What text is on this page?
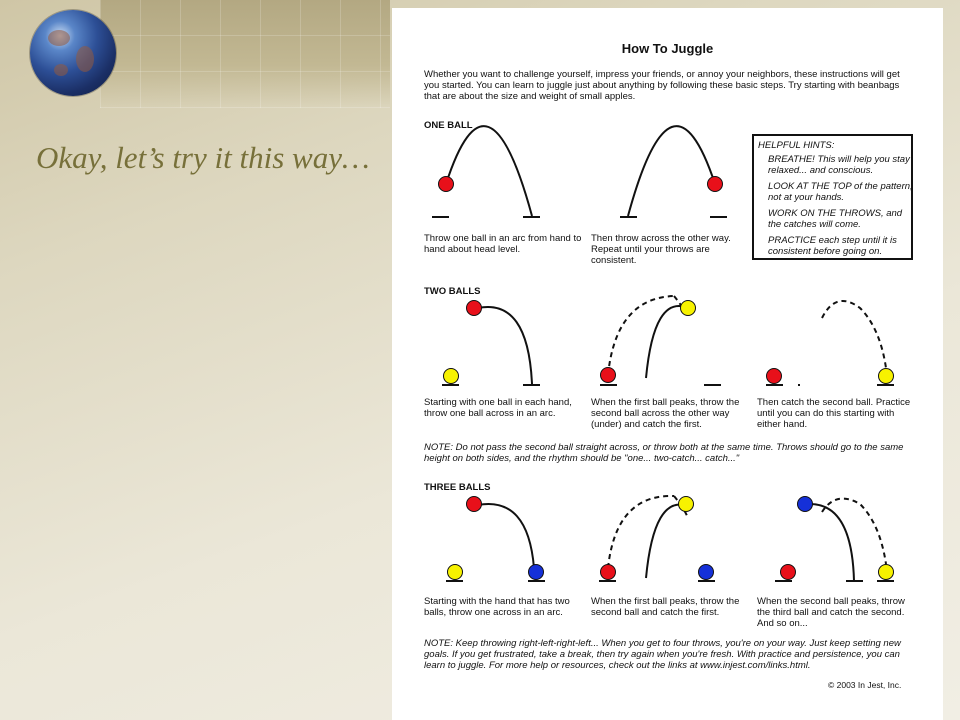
Okay, let’s try it this way…
How To Juggle
Whether you want to challenge yourself, impress your friends, or annoy your neighbors, these instructions will get you started. You can learn to juggle just about anything by following these basic steps. Try starting with beanbags that are about the size and weight of small apples.
ONE BALL
Throw one ball in an arc from hand to hand about head level.
Then throw across the other way. Repeat until your throws are consistent.
HELPFUL HINTS:
BREATHE! This will help you stay relaxed... and conscious.
LOOK AT THE TOP of the pattern, not at your hands.
WORK ON THE THROWS, and the catches will come.
PRACTICE each step until it is consistent before going on.
TWO BALLS
Starting with one ball in each hand, throw one ball across in an arc.
When the first ball peaks, throw the second ball across the other way (under) and catch the first.
Then catch the second ball. Practice until you can do this starting with either hand.
NOTE: Do not pass the second ball straight across, or throw both at the same time. Throws should go to the same height on both sides, and the rhythm should be "one... two-catch... catch..."
THREE BALLS
Starting with the hand that has two balls, throw one across in an arc.
When the first ball peaks, throw the second ball and catch the first.
When the second ball peaks, throw the third ball and catch the second. And so on...
NOTE: Keep throwing right-left-right-left... When you get to four throws, you're on your way. Just keep setting new goals. If you get frustrated, take a break, then try again when you're fresh. With practice and persistence, you can learn to juggle. For more help or resources, check out the links at www.injest.com/links.html.
© 2003 In Jest, Inc.
